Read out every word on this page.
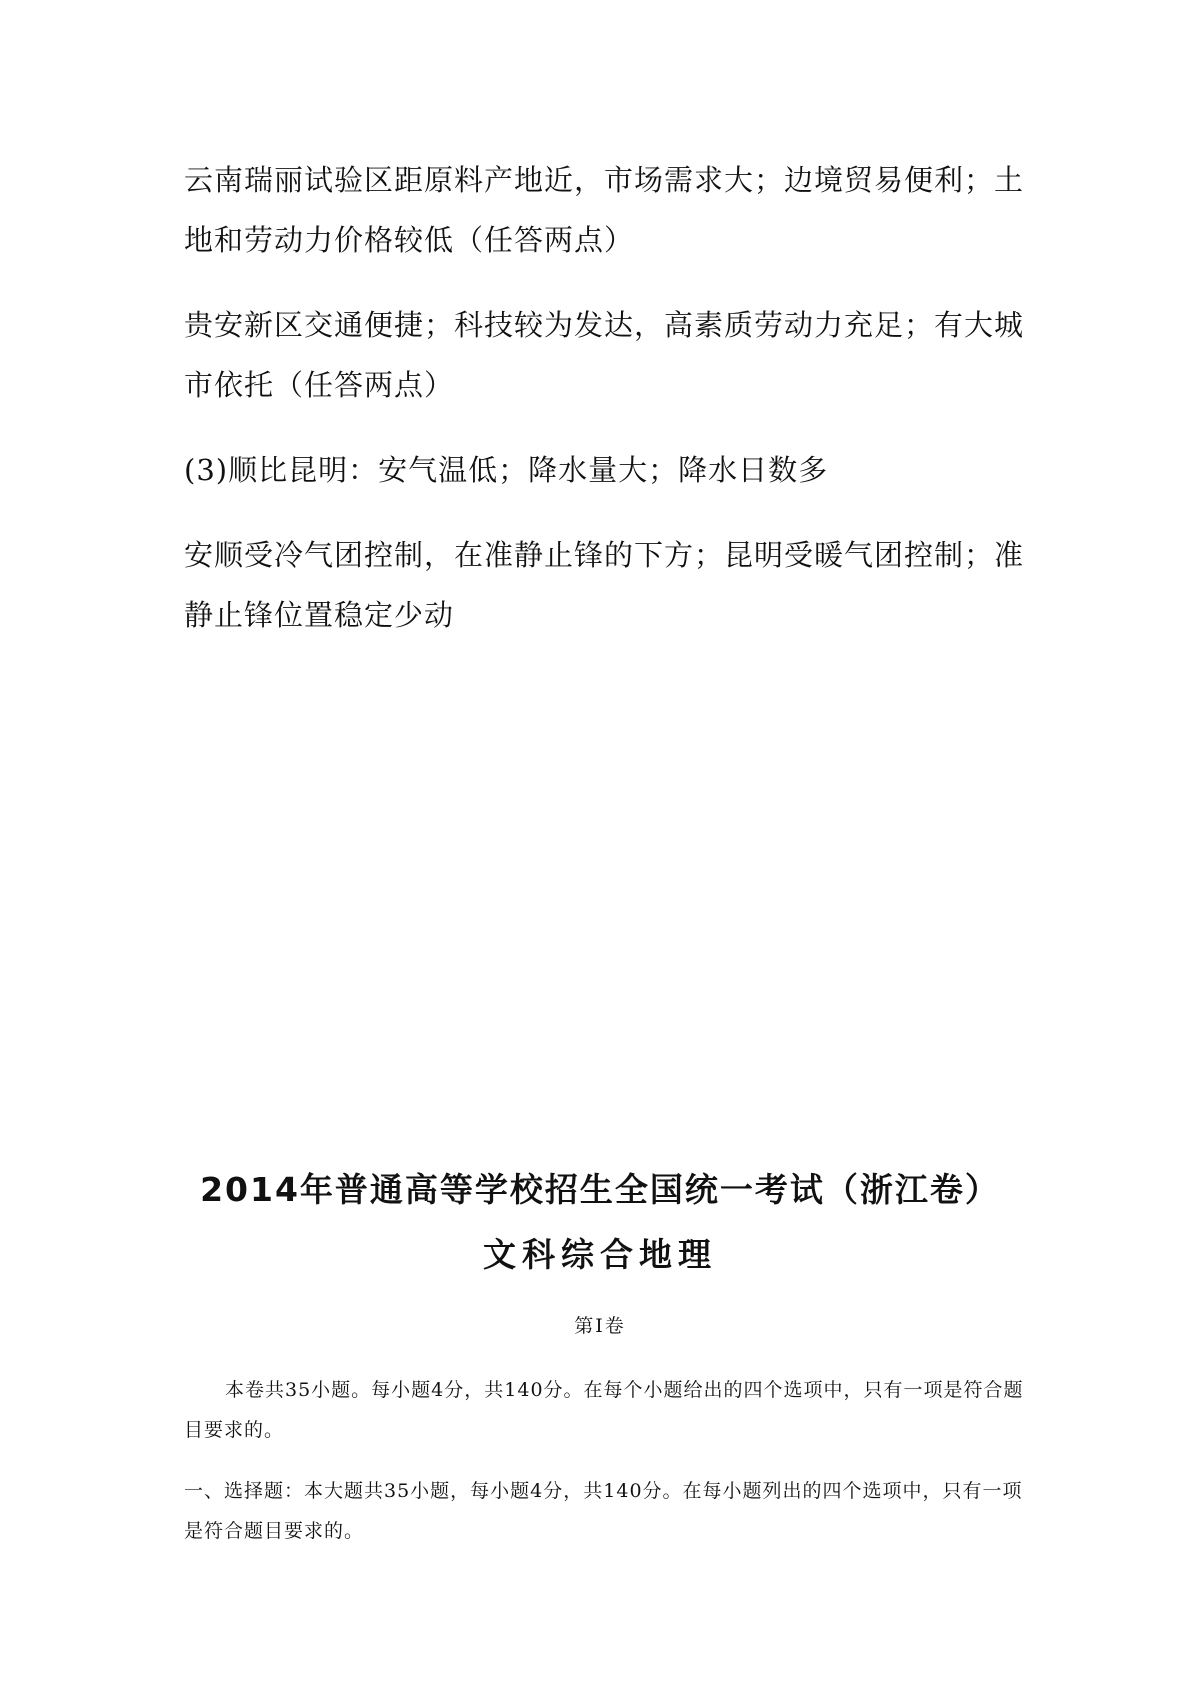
云南瑞丽试验区距原料产地近，市场需求大；边境贸易便利；土地和劳动力价格较低（任答两点）

贵安新区交通便捷；科技较为发达，高素质劳动力充足；有大城市依托（任答两点）

(3)顺比昆明：安气温低；降水量大；降水日数多

安顺受冷气团控制，在准静止锋的下方；昆明受暖气团控制；准静止锋位置稳定少动

2014年普通高等学校招生全国统一考试（浙江卷）
文科综合地理

第Ⅰ卷

本卷共35小题。每小题4分，共140分。在每个小题给出的四个选项中，只有一项是符合题目要求的。

一、选择题：本大题共35小题，每小题4分，共140分。在每小题列出的四个选项中，只有一项是符合题目要求的。
